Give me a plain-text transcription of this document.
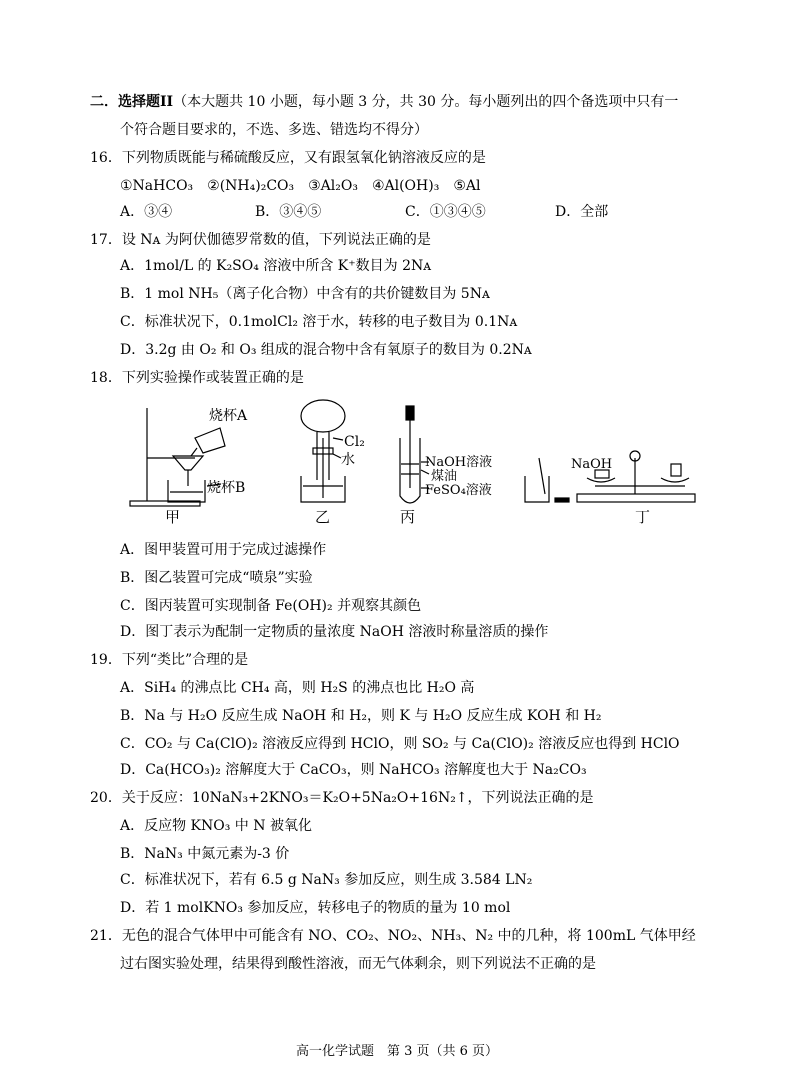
二．选择题II（本大题共 10 小题，每小题 3 分，共 30 分。每小题列出的四个备选项中只有一
个符合题目要求的，不选、多选、错选均不得分）
16．下列物质既能与稀硫酸反应，又有跟氢氧化钠溶液反应的是
①NaHCO₃　②(NH₄)₂CO₃　③Al₂O₃　④Al(OH)₃　⑤Al
A．③④	B．③④⑤	C．①③④⑤	D．全部
17．设 Nᴀ 为阿伏伽德罗常数的值，下列说法正确的是
A．1mol/L 的 K₂SO₄ 溶液中所含 K⁺数目为 2Nᴀ
B．1 mol NH₅（离子化合物）中含有的共价键数目为 5Nᴀ
C．标准状况下，0.1molCl₂ 溶于水，转移的电子数目为 0.1Nᴀ
D．3.2g 由 O₂ 和 O₃ 组成的混合物中含有氧原子的数目为 0.2Nᴀ
18．下列实验操作或装置正确的是
烧杯A
烧杯B
甲
Cl₂
水
乙
NaOH溶液
煤油
FeSO₄溶液
丙
NaOH
丁
A．图甲装置可用于完成过滤操作
B．图乙装置可完成“喷泉”实验
C．图丙装置可实现制备 Fe(OH)₂ 并观察其颜色
D．图丁表示为配制一定物质的量浓度 NaOH 溶液时称量溶质的操作
19．下列“类比”合理的是
A．SiH₄ 的沸点比 CH₄ 高，则 H₂S 的沸点也比 H₂O 高
B．Na 与 H₂O 反应生成 NaOH 和 H₂，则 K 与 H₂O 反应生成 KOH 和 H₂
C．CO₂ 与 Ca(ClO)₂ 溶液反应得到 HClO，则 SO₂ 与 Ca(ClO)₂ 溶液反应也得到 HClO
D．Ca(HCO₃)₂ 溶解度大于 CaCO₃，则 NaHCO₃ 溶解度也大于 Na₂CO₃
20．关于反应：10NaN₃+2KNO₃＝K₂O+5Na₂O+16N₂↑，下列说法正确的是
A．反应物 KNO₃ 中 N 被氧化
B．NaN₃ 中氮元素为-3 价
C．标准状况下，若有 6.5 g NaN₃ 参加反应，则生成 3.584 LN₂
D．若 1 molKNO₃ 参加反应，转移电子的物质的量为 10 mol
21．无色的混合气体甲中可能含有 NO、CO₂、NO₂、NH₃、N₂ 中的几种，将 100mL 气体甲经
过右图实验处理，结果得到酸性溶液，而无气体剩余，则下列说法不正确的是
高一化学试题　第 3 页（共 6 页）
